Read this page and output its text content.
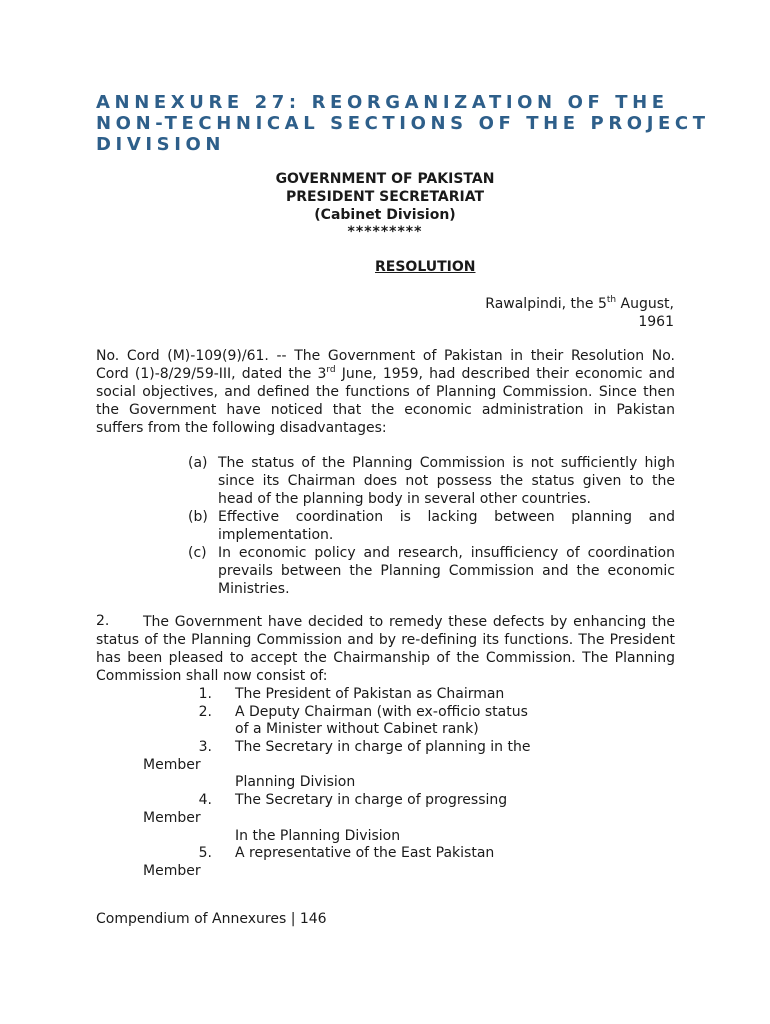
ANNEXURE 27: REORGANIZATION OF THE
NON-TECHNICAL SECTIONS OF THE PROJECT
DIVISION
GOVERNMENT OF PAKISTAN
PRESIDENT SECRETARIAT
(Cabinet Division)
*********
RESOLUTION
Rawalpindi, the 5th August,
1961

No. Cord (M)-109(9)/61. -- The Government of Pakistan in their Resolution No. Cord (1)-8/29/59-III, dated the 3rd June, 1959, had described their economic and social objectives, and defined the functions of Planning Commission. Since then the Government have noticed that the economic administration in Pakistan suffers from the following disadvantages:

(a) The status of the Planning Commission is not sufficiently high since its Chairman does not possess the status given to the head of the planning body in several other countries.
(b) Effective coordination is lacking between planning and implementation.
(c) In economic policy and research, insufficiency of coordination prevails between the Planning Commission and the economic Ministries.

The Government have decided to remedy these defects by enhancing the status of the Planning Commission and by re-defining its functions. The President has been pleased to accept the Chairmanship of the Commission. The Planning Commission shall now consist of:

2.
1. The President of Pakistan as Chairman
2. A Deputy Chairman (with ex-officio status
of a Minister without Cabinet rank)
3. The Secretary in charge of planning in the
Member
Planning Division
4. The Secretary in charge of progressing
Member
In the Planning Division
5. A representative of the East Pakistan
Member
Compendium of Annexures | 146
